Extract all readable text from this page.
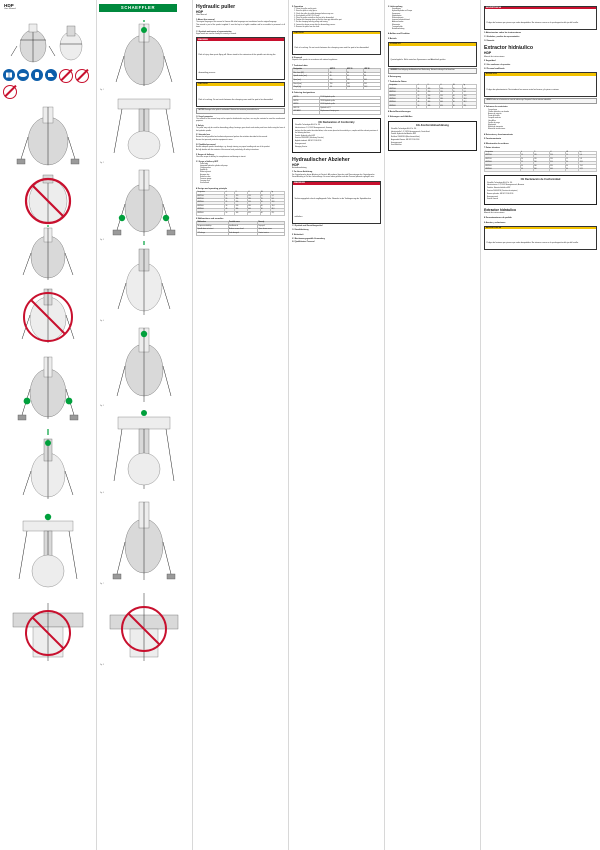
HDP
User Manual	SCHAEFFLER
Fig. 8
Hydraulic puller
HDP
User Manual
1 About the manual
The original language of this manual is German. All other languages are translations from the original language.
This manual is part of the product supplied. It must be kept in a legible condition and be accessible to personnel at all times.
1.1 Symbols and means of representation
Signal words are used to classify the severity of hazard.
WARNING
Risk of injury from parts flying off. Never stand in the extension of the spindle axis during the dismantling process.
CAUTION
Risk of crushing. Do not reach between the clamping arms and the part to be dismantled.
NOTICE Damage to the puller if overloaded. Observe the maximum permissible force.
1.2 Legal guarantee
The contents of this manual may not be copied or distributed in any form, nor may the contents be used for unauthorised purposes.
2 Safety
The puller may only be used for dismantling pulleys, bearings, gear wheels and similar parts from shafts using the force of the hydraulic spindle.
2.1 Intended use
Ensure that only qualified and authorised personnel perform the activities described in this manual.
Ensure that personal protective equipment is worn.
2.2 Qualified personnel
Ensure adequate product knowledge, e.g. through training, on proper handling and use of the product.
Be fully familiar with the contents of this manual and, particularly, all safety instructions.
3 Scope of delivery
Check the scope of delivery for completeness and damage in transit.
3.1 Scope of delivery HDP
• Puller body
• Integrated hydraulic cylinder with pump
• Clamping arms
• Spindle tip
• Reducing insert
• Hexagon key
• Release screw
• Pressure gauge
• Carrying case
• User manual
4 Design and operating principle
Designation	d	D	H	kN	kg
HDP15-A	15	120	210	15	5,4
HDP15-B	20	150	230	15	5,8
HDP30-A	25	200	310	30	12,8
HDP30-B	30	240	330	30	13,4
HDP60-A	40	300	400	60	24,3
HDP60-B	50	340	420	60	25,1
9 Malfunctions and remedies
Malfunction	Possible cause	Remedy
No pressure build-up	Insufficient oil	Top up oil
Spindle does not retract	Release screw closed	Open release screw
Oil leakage	Seal damaged	Contact service
5 Operation
1. Clean the puller and its parts.
2. Store the puller in a dry place.
3. Check the puller for visible damage before every use.
4. Use hydraulic oil ISO VG 15 only.
5. Place the puller centrally on the part to be dismantled.
6. Position the clamping arms so that the claws grip behind the part.
7. Set the clamping arms by pulling and turning.
8. Loosen the release screw after the dismantling process.
9. Remove the puller from the shaft.
CAUTION
Risk of crushing. Do not reach between the clamping arms and the part to be dismantled.
6 Disposal
Dispose of the product in accordance with national regulations.
7 Technical data
Designation	HDP 15	HDP 30	HDP 60
Max. force [kN]	15	30	60
Spindle stroke [mm]	50	65	80
Span [mm]	210	310	400
Reach [mm]	150	230	300
Weight [kg]	5,4	12,8	24,3
8 Ordering designations
HDP15	15 kN hydraulic puller
HDP30	30 kN hydraulic puller
HDP60	60 kN hydraulic puller
HDP-OIL	Hydraulic oil, 1 l
HDP-ARM	Replacement clamping arm
CE Declaration of Conformity

Schaeffler Technologies AG & Co. KG

Industriestrasse 1–3, 91074 Herzogenaurach, Germany

declares that the product described below, in the version placed on the market by us, complies with the relevant provisions of the following directives.

Product: Hydraulic puller HDP

Directive 2006/42/EC (Machinery Directive)

Applied standards: EN ISO 12100:2010

Herzogenaurach

Managing Director

Hydraulischer Abzieher
HDP
Betriebsanleitung
1 Zu dieser Anleitung
Die Originalsprache dieser Anleitung ist Deutsch. Alle anderen Sprachen sind Übersetzungen der Originalsprache.
Diese Anleitung ist Teil des Lieferumfangs. Sie muss lesbar gehalten und dem Personal jederzeit zugänglich sein.
WARNUNG
Verletzungsgefahr durch wegfliegende Teile. Niemals in der Verlängerung der Spindelachse aufhalten.
1.1 Symbole und Darstellungsmittel
1.2 Gewährleistung
2 Sicherheit
2.1 Bestimmungsgemäße Verwendung
2.2 Qualifiziertes Personal
3 Lieferumfang
• Grundkörper
• Hydraulikzylinder mit Pumpe
• Spannarme
• Spindelspitze
• Reduziereinsatz
• Innensechskantschlüssel
• Ablassschraube
• Manometer
• Transportkoffer
• Betriebsanleitung
4 Aufbau und Funktion
5 Betrieb
VORSICHT
Quetschgefahr. Nicht zwischen Spannarme und Abziehteil greifen.
HINWEIS Beschädigung des Abziehers bei Überlastung. Maximal zulässige Kraft beachten.
6 Entsorgung
7 Technische Daten
Designation	d	D	H	kN	kg
HDP15-A	15	120	210	15	5,4
HDP15-B	20	150	230	15	5,8
HDP30-A	25	200	310	30	12,8
HDP30-B	30	240	330	30	13,4
HDP60-A	40	300	400	60	24,3
HDP60-B	50	340	420	60	25,1
8 Bestellbezeichnungen
9 Störungen und Abhilfen
EG-Konformitätserklärung

Schaeffler Technologies AG & Co. KG

Industriestraße 1–3, 91074 Herzogenaurach, Deutschland

Produkt: Hydraulischer Abzieher HDP

Richtlinie 2006/42/EG (Maschinenrichtlinie)

Angewandte Normen: EN ISO 12100:2010

Herzogenaurach

Geschäftsführer

ADVERTENCIA
Peligro de lesiones por piezas que salen despedidas. No situarse nunca en la prolongación del eje del husillo.
1 Advertencias sobre las instrucciones
1.1 Símbolos y medios de representación
1.2 Garantía
Extractor hidráulico
HDP
Manual de instrucciones
2 Seguridad
2.1 Uso conforme a lo previsto
2.2 Personal cualificado
ATENCIÓN
Peligro de aplastamiento. No introducir las manos entre los brazos y la pieza a extraer.
AVISO Daños en el extractor en caso de sobrecarga. Respetar la fuerza máxima admisible.
3 Volumen de suministro
• Cuerpo base
• Cilindro hidráulico con bomba
• Brazos de sujeción
• Punta del husillo
• Casquillo reductor
• Llave Allen
• Tornillo de purga
• Manómetro
• Maletín de transporte
• Manual de instrucciones
4 Estructura y funcionamiento
5 Funcionamiento
6 Eliminación de residuos
7 Datos técnicos
Designation	d	D	H	kN	kg
HDP15-A	15	120	210	15	5,4
HDP15-B	20	150	230	15	5,8
HDP30-A	25	200	310	30	12,8
HDP30-B	30	240	330	30	13,4
HDP60-A	40	300	400	60	24,3
CE Declaración de Conformidad

Schaeffler Technologies AG & Co. KG

Industriestrasse 1–3, 91074 Herzogenaurach, Alemania

Producto: Extractor hidráulico HDP

Directiva 2006/42/CE (Directiva de máquinas)

Normas aplicadas: EN ISO 12100:2010

Herzogenaurach

Director General

Extractor hidráulico
Manual de instrucciones
8 Denominaciones de pedido
9 Averías y soluciones
ADVERTENCIA
Peligro de lesiones por piezas que salen despedidas. No situarse nunca en la prolongación del eje del husillo.
